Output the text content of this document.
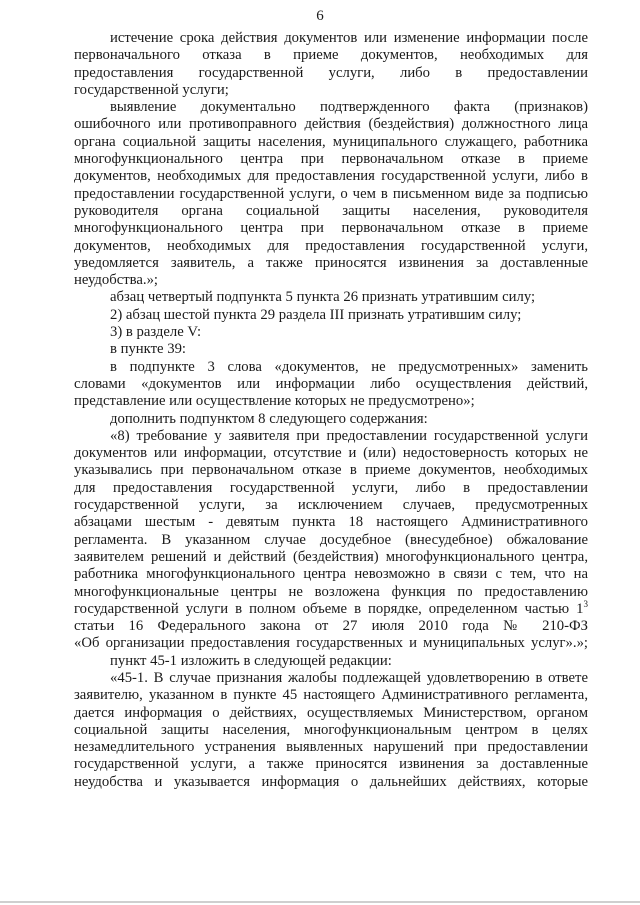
6
истечение срока действия документов или изменение информации после
первоначального отказа в приеме документов, необходимых для
предоставления государственной услуги, либо в предоставлении
государственной услуги;
выявление документально подтвержденного факта (признаков)
ошибочного или противоправного действия (бездействия) должностного лица
органа социальной защиты населения, муниципального служащего, работника
многофункционального центра при первоначальном отказе в приеме
документов, необходимых для предоставления государственной услуги, либо в
предоставлении государственной услуги, о чем в письменном виде за подписью
руководителя органа социальной защиты населения, руководителя
многофункционального центра при первоначальном отказе в приеме
документов, необходимых для предоставления государственной услуги,
уведомляется заявитель, а также приносятся извинения за доставленные
неудобства.»;
абзац четвертый подпункта 5 пункта 26 признать утратившим силу;
2) абзац шестой пункта 29 раздела III признать утратившим силу;
3) в разделе V:
в пункте 39:
в подпункте 3 слова «документов, не предусмотренных» заменить
словами «документов или информации либо осуществления действий,
представление или осуществление которых не предусмотрено»;
дополнить подпунктом 8 следующего содержания:
«8) требование у заявителя при предоставлении государственной услуги
документов или информации, отсутствие и (или) недостоверность которых не
указывались при первоначальном отказе в приеме документов, необходимых
для предоставления государственной услуги, либо в предоставлении
государственной услуги, за исключением случаев, предусмотренных
абзацами шестым - девятым пункта 18 настоящего Административного
регламента. В указанном случае досудебное (внесудебное) обжалование
заявителем решений и действий (бездействия) многофункционального центра,
работника многофункционального центра невозможно в связи с тем, что на
многофункциональные центры не возложена функция по предоставлению
государственной услуги в полном объеме в порядке, определенном частью $1^3$
статьи 16 Федерального закона от 27 июля 2010 года № 210-ФЗ
«Об организации предоставления государственных и муниципальных услуг».»;
пункт 45-1 изложить в следующей редакции:
«45-1. В случае признания жалобы подлежащей удовлетворению в ответе
заявителю, указанном в пункте 45 настоящего Административного регламента,
дается информация о действиях, осуществляемых Министерством, органом
социальной защиты населения, многофункциональным центром в целях
незамедлительного устранения выявленных нарушений при предоставлении
государственной услуги, а также приносятся извинения за доставленные
неудобства и указывается информация о дальнейших действиях, которые
